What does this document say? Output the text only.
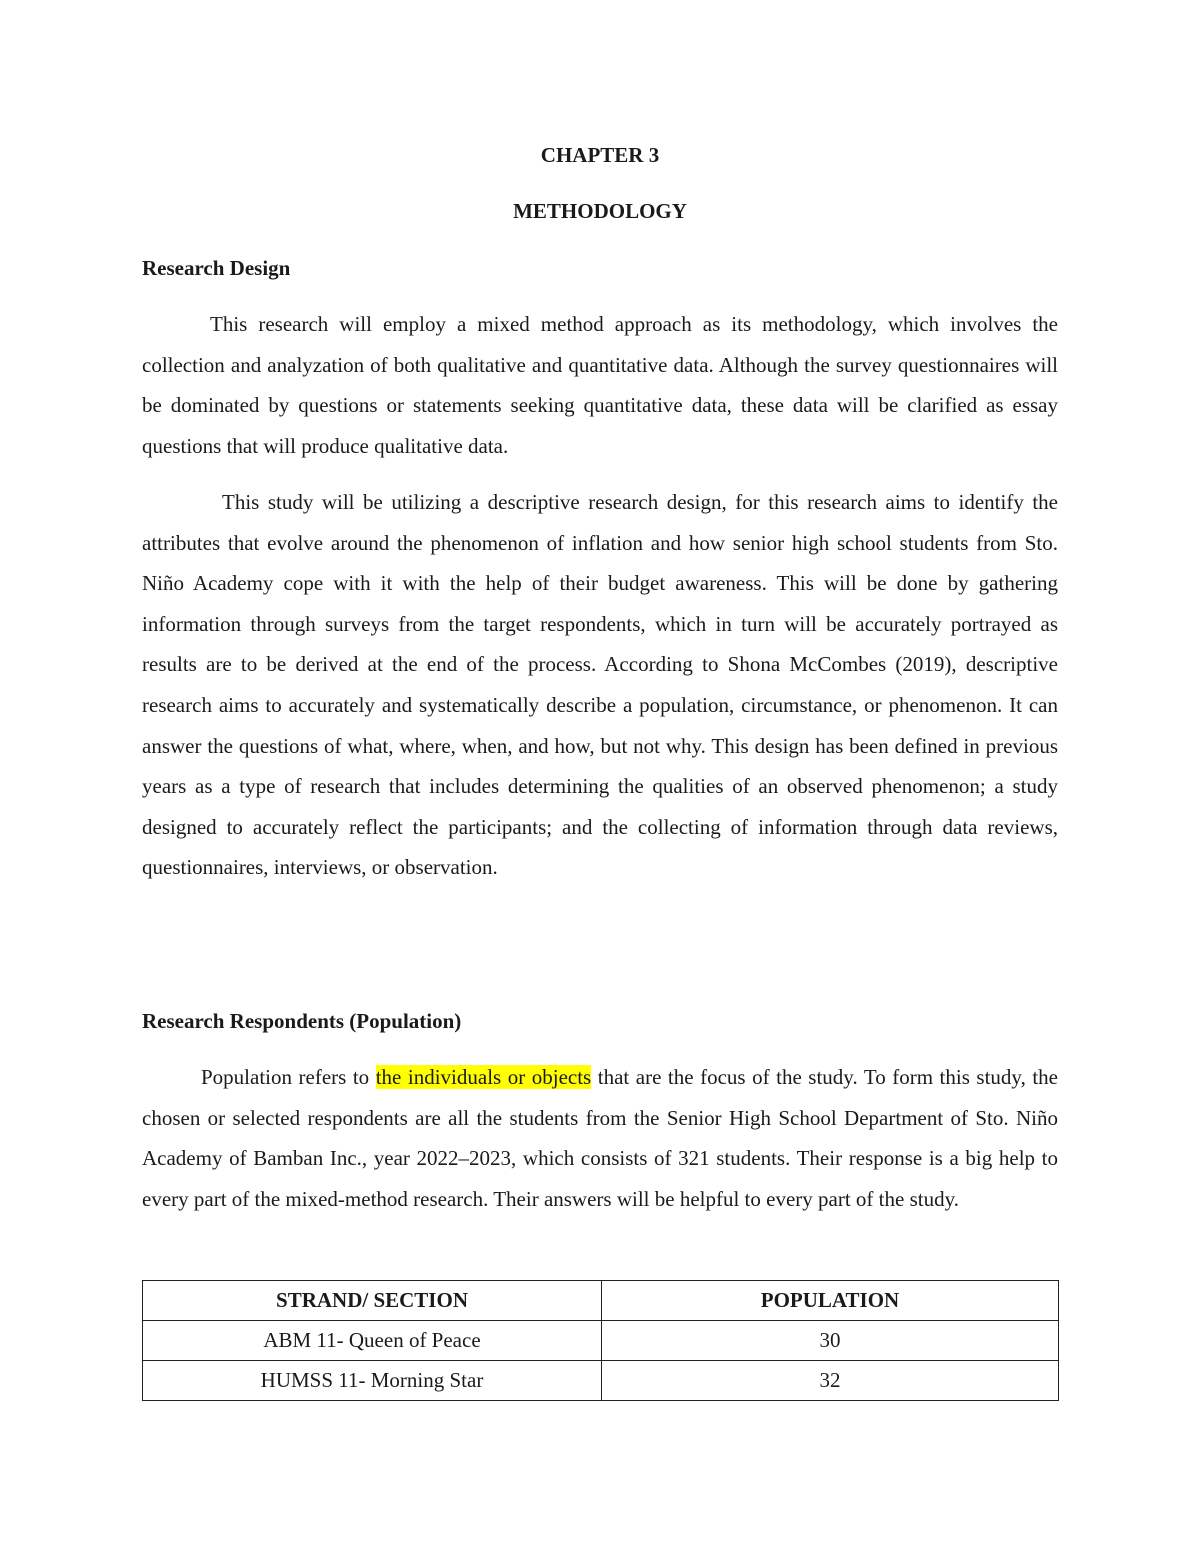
CHAPTER 3
METHODOLOGY
Research Design

This research will employ a mixed method approach as its methodology, which involves the collection and analyzation of both qualitative and quantitative data. Although the survey questionnaires will be dominated by questions or statements seeking quantitative data, these data will be clarified as essay questions that will produce qualitative data.

This study will be utilizing a descriptive research design, for this research aims to identify the attributes that evolve around the phenomenon of inflation and how senior high school students from Sto. Niño Academy cope with it with the help of their budget awareness. This will be done by gathering information through surveys from the target respondents, which in turn will be accurately portrayed as results are to be derived at the end of the process. According to Shona McCombes (2019), descriptive research aims to accurately and systematically describe a population, circumstance, or phenomenon. It can answer the questions of what, where, when, and how, but not why. This design has been defined in previous years as a type of research that includes determining the qualities of an observed phenomenon; a study designed to accurately reflect the participants; and the collecting of information through data reviews, questionnaires, interviews, or observation.

Research Respondents (Population)

Population refers to the individuals or objects that are the focus of the study. To form this study, the chosen or selected respondents are all the students from the Senior High School Department of Sto. Niño Academy of Bamban Inc., year 2022–2023, which consists of 321 students. Their response is a big help to every part of the mixed-method research. Their answers will be helpful to every part of the study.

STRAND/ SECTION	POPULATION
ABM 11- Queen of Peace	30
HUMSS 11- Morning Star	32
